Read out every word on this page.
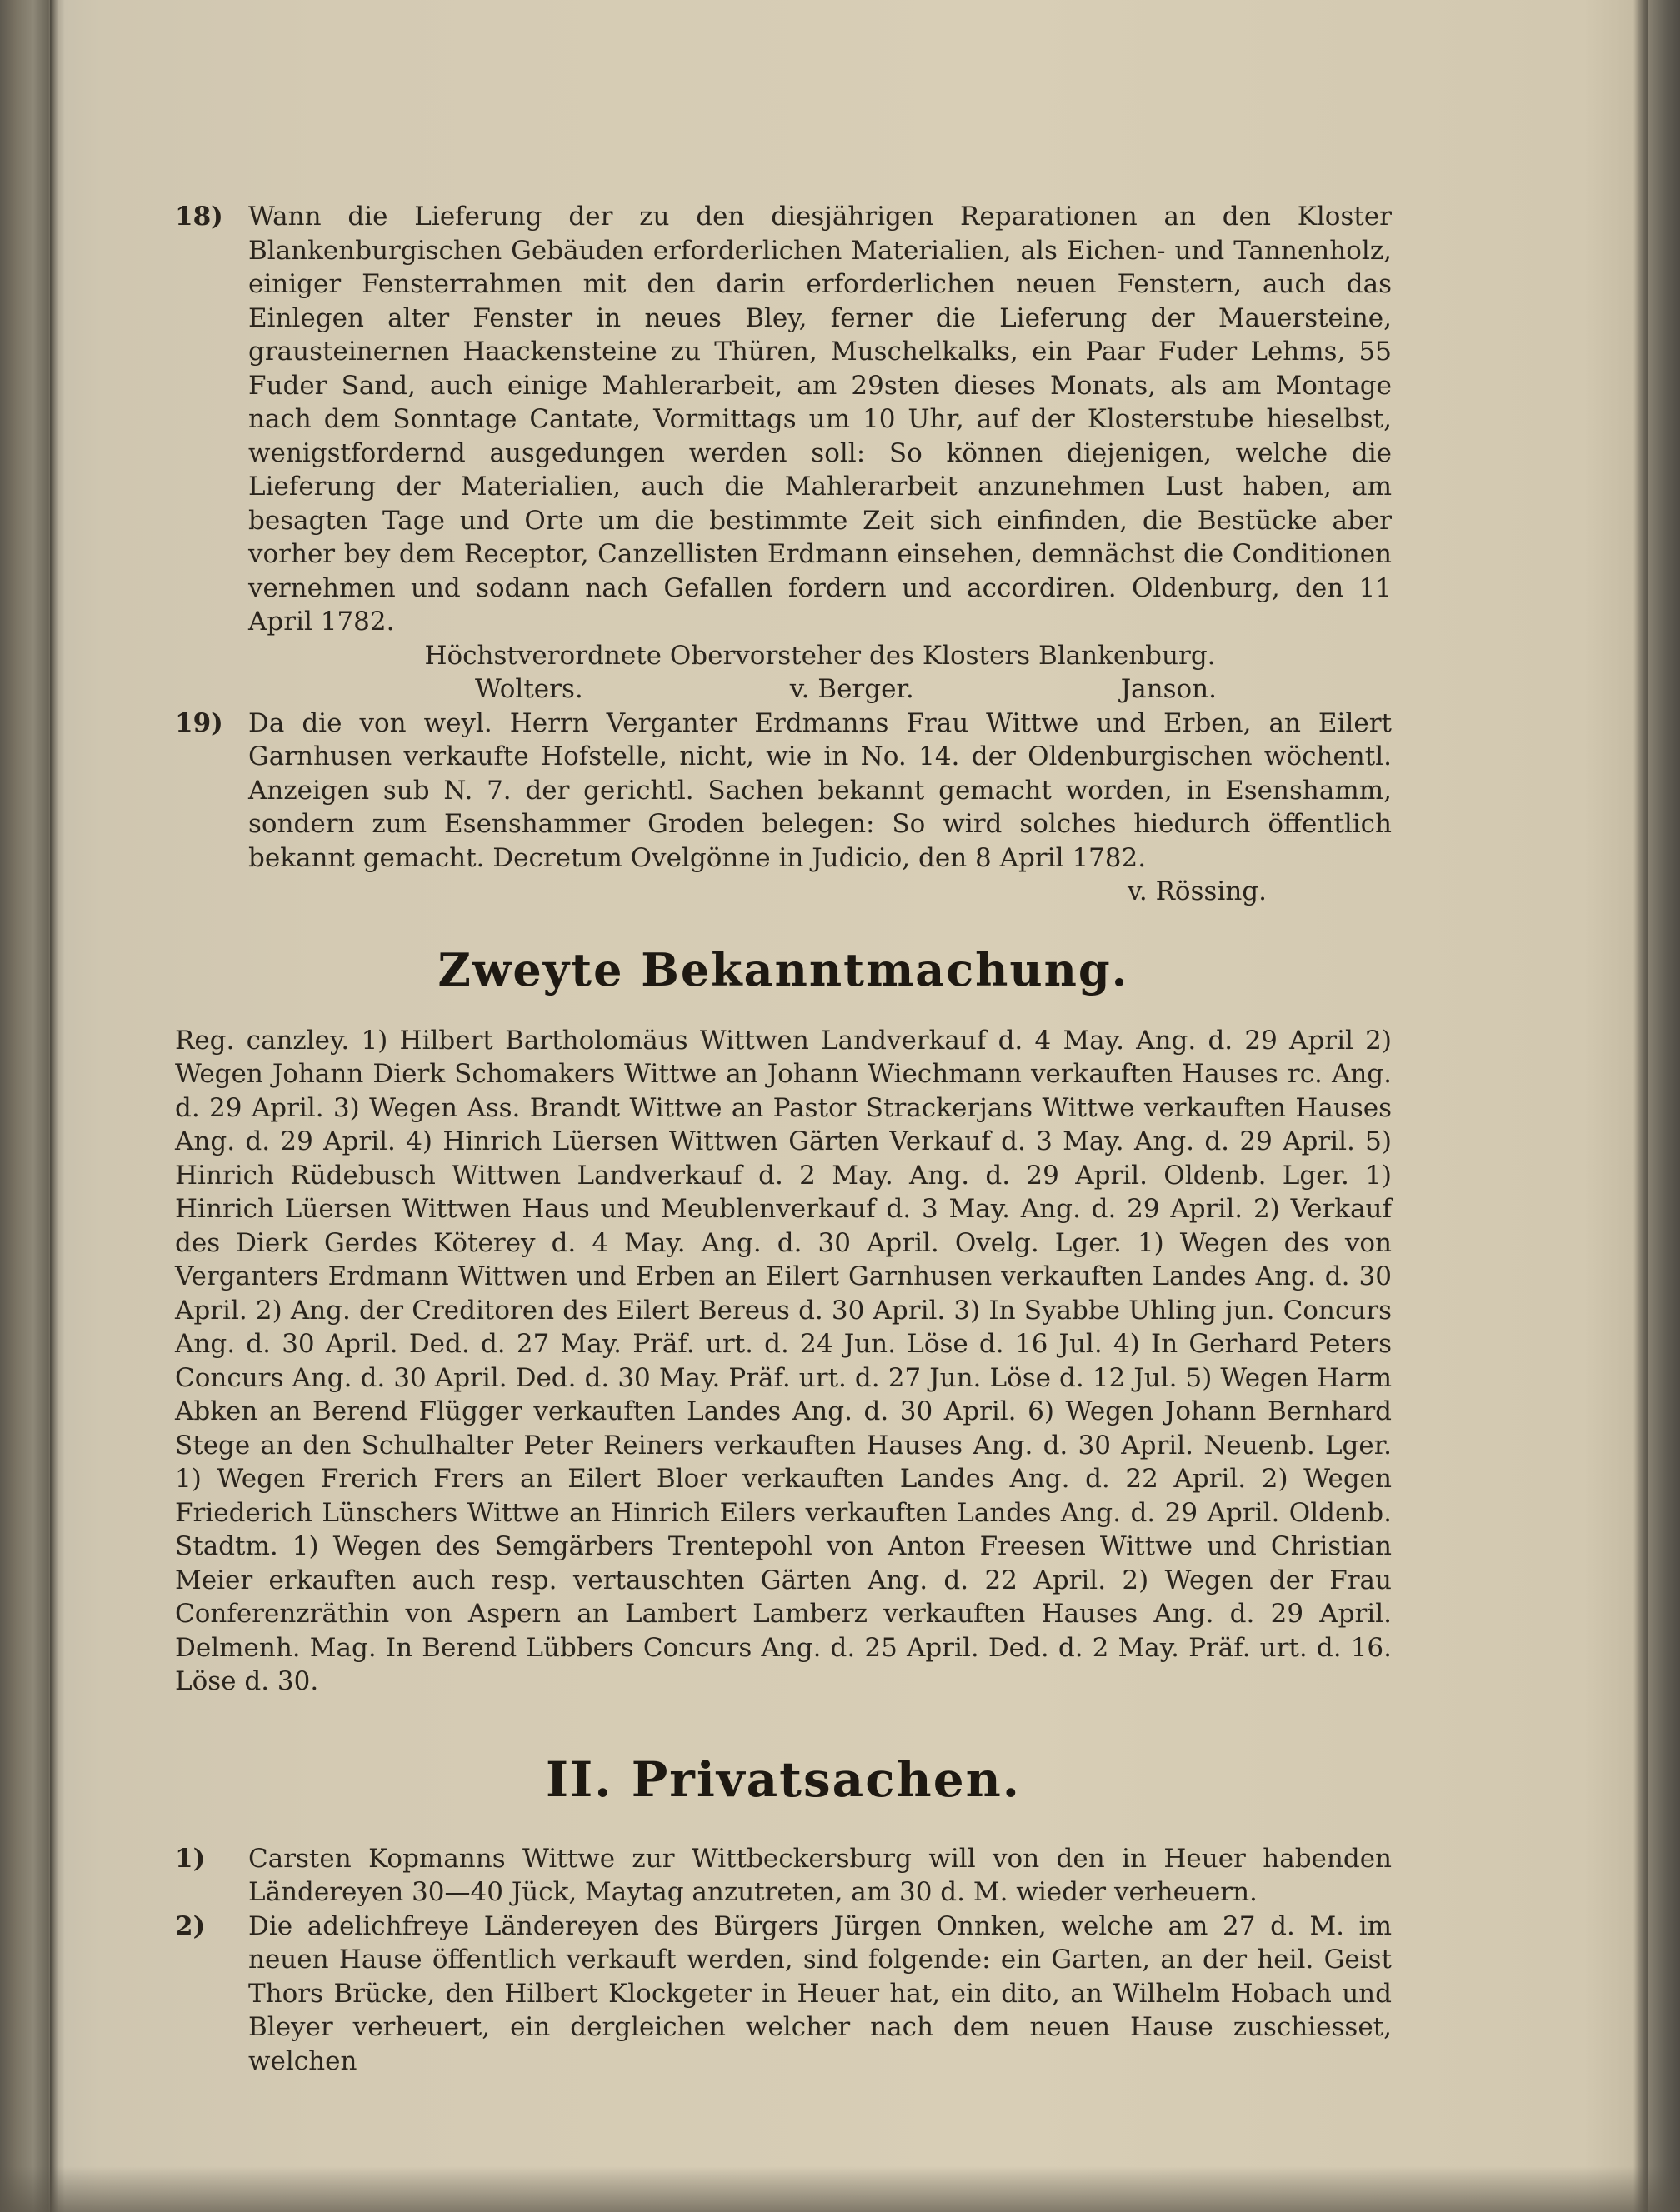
18) Wann die Lieferung der zu den diesjährigen Reparationen an den Kloster Blankenburgischen Gebäuden erforderlichen Materialien, als Eichen- und Tannenholz, einiger Fensterrahmen mit den darin erforderlichen neuen Fenstern, auch das Einlegen alter Fenster in neues Bley, ferner die Lieferung der Mauersteine, grausteinernen Haackensteine zu Thüren, Muschelkalks, ein Paar Fuder Lehms, 55 Fuder Sand, auch einige Mahlerarbeit, am 29sten dieses Monats, als am Montage nach dem Sonntage Cantate, Vormittags um 10 Uhr, auf der Klosterstube hieselbst, wenigstfordernd ausgedungen werden soll: So können diejenigen, welche die Lieferung der Materialien, auch die Mahlerarbeit anzunehmen Lust haben, am besagten Tage und Orte um die bestimmte Zeit sich einfinden, die Bestücke aber vorher bey dem Receptor, Canzellisten Erdmann einsehen, demnächst die Conditionen vernehmen und sodann nach Gefallen fordern und accordiren. Oldenburg, den 11 April 1782.

Höchstverordnete Obervorsteher des Klosters Blankenburg.

Wolters.	v. Berger.	Janson.
19) Da die von weyl. Herrn Verganter Erdmanns Frau Wittwe und Erben, an Eilert Garnhusen verkaufte Hofstelle, nicht, wie in No. 14. der Oldenburgischen wöchentl. Anzeigen sub N. 7. der gerichtl. Sachen bekannt gemacht worden, in Esenshamm, sondern zum Esenshammer Groden belegen: So wird solches hiedurch öffentlich bekannt gemacht. Decretum Ovelgönne in Judicio, den 8 April 1782.

v. Rössing.

Zweyte Bekanntmachung.

Reg. canzley. 1) Hilbert Bartholomäus Wittwen Landverkauf d. 4 May. Ang. d. 29 April 2) Wegen Johann Dierk Schomakers Wittwe an Johann Wiechmann verkauften Hauses rc. Ang. d. 29 April. 3) Wegen Ass. Brandt Wittwe an Pastor Strackerjans Wittwe verkauften Hauses Ang. d. 29 April. 4) Hinrich Lüersen Wittwen Gärten Verkauf d. 3 May. Ang. d. 29 April. 5) Hinrich Rüdebusch Wittwen Landverkauf d. 2 May. Ang. d. 29 April. Oldenb. Lger. 1) Hinrich Lüersen Wittwen Haus und Meublenverkauf d. 3 May. Ang. d. 29 April. 2) Verkauf des Dierk Gerdes Köterey d. 4 May. Ang. d. 30 April. Ovelg. Lger. 1) Wegen des von Verganters Erdmann Wittwen und Erben an Eilert Garnhusen verkauften Landes Ang. d. 30 April. 2) Ang. der Creditoren des Eilert Bereus d. 30 April. 3) In Syabbe Uhling jun. Concurs Ang. d. 30 April. Ded. d. 27 May. Präf. urt. d. 24 Jun. Löse d. 16 Jul. 4) In Gerhard Peters Concurs Ang. d. 30 April. Ded. d. 30 May. Präf. urt. d. 27 Jun. Löse d. 12 Jul. 5) Wegen Harm Abken an Berend Flügger verkauften Landes Ang. d. 30 April. 6) Wegen Johann Bernhard Stege an den Schulhalter Peter Reiners verkauften Hauses Ang. d. 30 April. Neuenb. Lger. 1) Wegen Frerich Frers an Eilert Bloer verkauften Landes Ang. d. 22 April. 2) Wegen Friederich Lünschers Wittwe an Hinrich Eilers verkauften Landes Ang. d. 29 April. Oldenb. Stadtm. 1) Wegen des Semgärbers Trentepohl von Anton Freesen Wittwe und Christian Meier erkauften auch resp. vertauschten Gärten Ang. d. 22 April. 2) Wegen der Frau Conferenzräthin von Aspern an Lambert Lamberz verkauften Hauses Ang. d. 29 April. Delmenh. Mag. In Berend Lübbers Concurs Ang. d. 25 April. Ded. d. 2 May. Präf. urt. d. 16. Löse d. 30.

II. Privatsachen.
1)	Carsten Kopmanns Wittwe zur Wittbeckersburg will von den in Heuer habenden Ländereyen 30—40 Jück, Maytag anzutreten, am 30 d. M. wieder verheuern.
2)	Die adelichfreye Ländereyen des Bürgers Jürgen Onnken, welche am 27 d. M. im neuen Hause öffentlich verkauft werden, sind folgende: ein Garten, an der heil. Geist Thors Brücke, den Hilbert Klockgeter in Heuer hat, ein dito, an Wilhelm Hobach und Bleyer verheuert, ein dergleichen welcher nach dem neuen Hause zuschiesset, welchen
